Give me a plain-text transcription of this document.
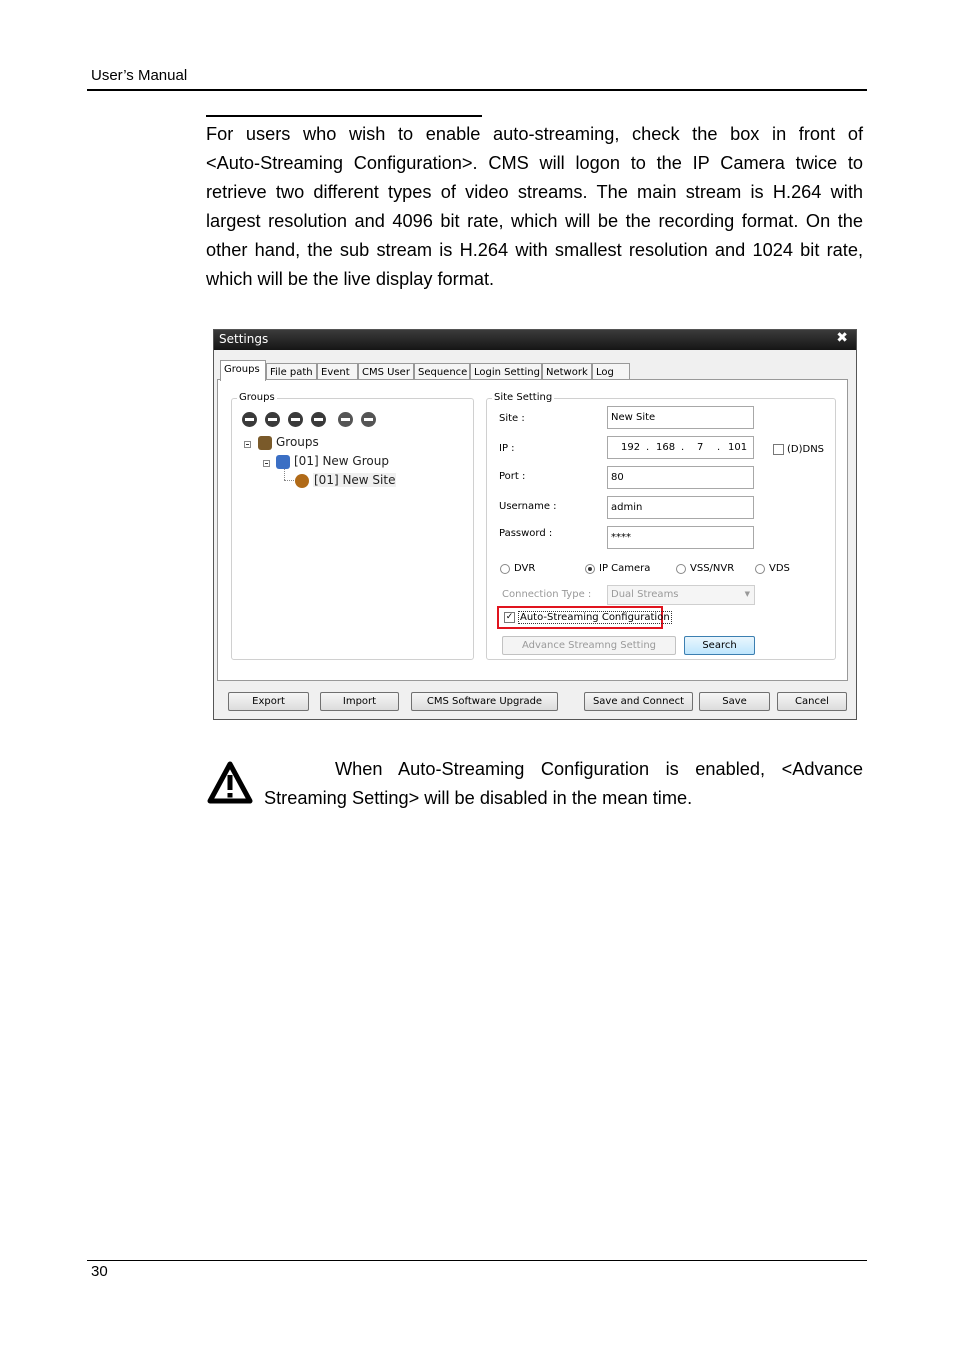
User’s Manual
For users who wish to enable auto-streaming, check the box in front of
<Auto-Streaming Configuration>. CMS will logon to the IP Camera twice to
retrieve two different types of video streams. The main stream is H.264 with
largest resolution and 4096 bit rate, which will be the recording format. On the
other hand, the sub stream is H.264 with smallest resolution and 1024 bit rate,
which will be the live display format.
Settings	✖
Groups	File path Event	CMS User Sequence Login Setting Network Log
Groups
Groups
[01] New Group
[01] New Site
Site Setting
Site :	New Site
IP :	192 . 168 . 7 . 101	(D)DNS
Port :	80
Username :	admin
Password :	****
DVR	IP Camera	VSS/NVR	VDS
Connection Type :	Dual Streams	▼
✓ Auto-Streaming Configuration
Advance Streamng Setting	Search
Export	Import	CMS Software Upgrade	Save and Connect	Save	Cancel
When Auto-Streaming Configuration is enabled, <Advance
Streaming Setting> will be disabled in the mean time.
30
